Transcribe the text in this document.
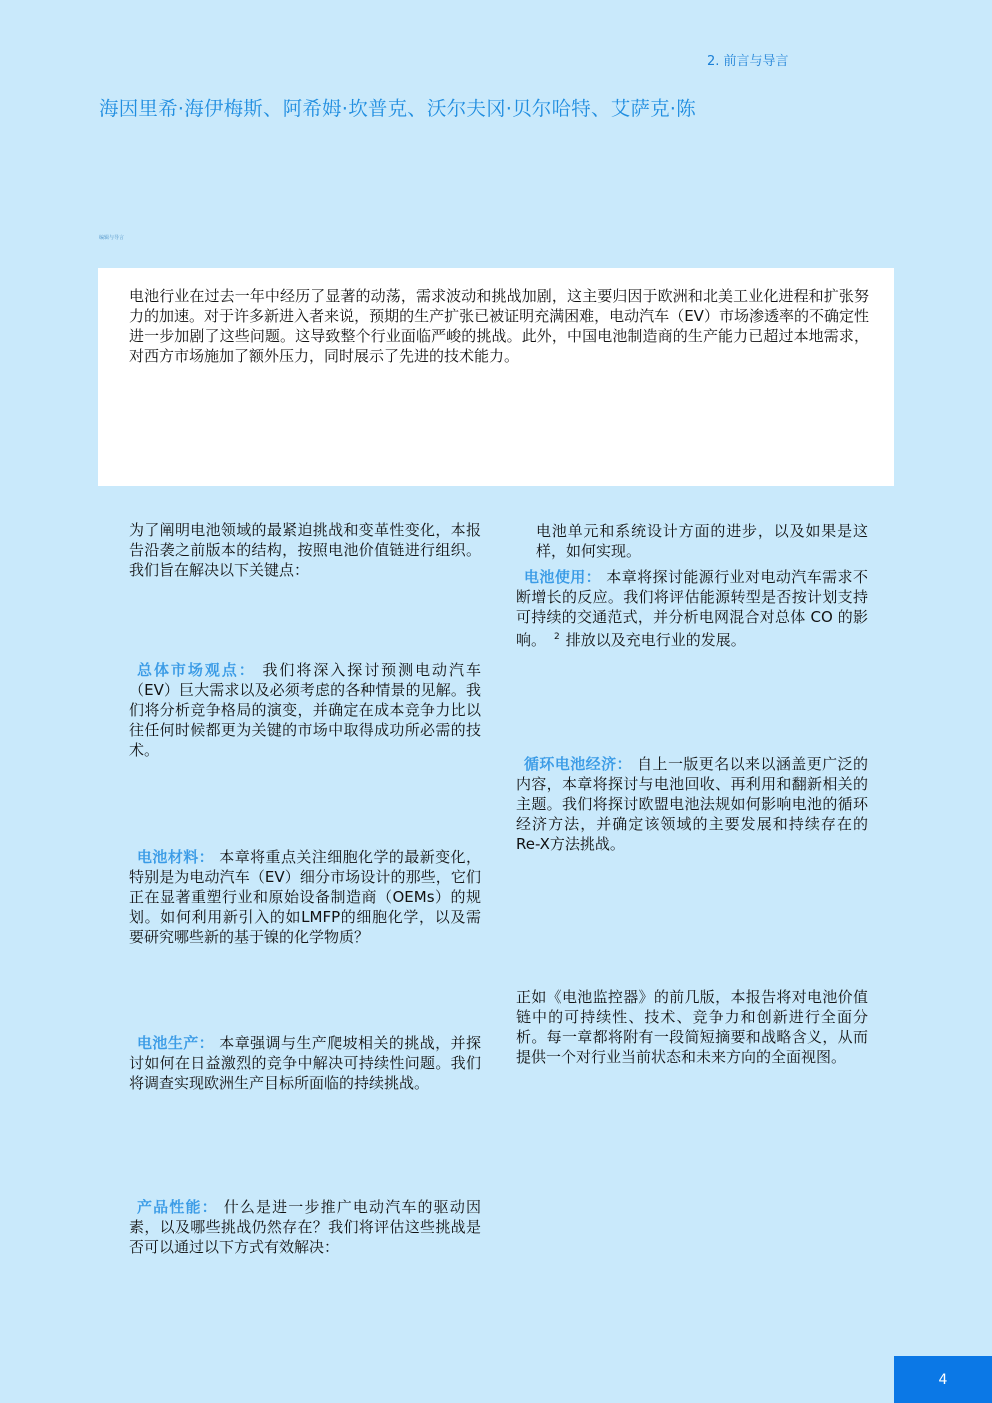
2. 前言与导言
海因里希·海伊梅斯、阿希姆·坎普克、沃尔夫冈·贝尔哈特、艾萨克·陈
编辑与导言
电池行业在过去一年中经历了显著的动荡，需求波动和挑战加剧，这主要归因于欧洲和北美工业化进程和扩张努力的加速。对于许多新进入者来说，预期的生产扩张已被证明充满困难，电动汽车（EV）市场渗透率的不确定性进一步加剧了这些问题。这导致整个行业面临严峻的挑战。此外，中国电池制造商的生产能力已超过本地需求，对西方市场施加了额外压力，同时展示了先进的技术能力。

为了阐明电池领域的最紧迫挑战和变革性变化，本报告沿袭之前版本的结构，按照电池价值链进行组织。我们旨在解决以下关键点：

总体市场观点： 我们将深入探讨预测电动汽车（EV）巨大需求以及必须考虑的各种情景的见解。我们将分析竞争格局的演变，并确定在成本竞争力比以往任何时候都更为关键的市场中取得成功所必需的技术。

电池材料： 本章将重点关注细胞化学的最新变化，特别是为电动汽车（EV）细分市场设计的那些，它们正在显著重塑行业和原始设备制造商（OEMs）的规划。如何利用新引入的如LMFP的细胞化学，以及需要研究哪些新的基于镍的化学物质？

电池生产： 本章强调与生产爬坡相关的挑战，并探讨如何在日益激烈的竞争中解决可持续性问题。我们将调查实现欧洲生产目标所面临的持续挑战。

产品性能： 什么是进一步推广电动汽车的驱动因素，以及哪些挑战仍然存在？我们将评估这些挑战是否可以通过以下方式有效解决：

电池单元和系统设计方面的进步，以及如果是这样，如何实现。

电池使用： 本章将探讨能源行业对电动汽车需求不断增长的反应。我们将评估能源转型是否按计划支持可持续的交通范式，并分析电网混合对总体 CO 的影响。 $^2$ 排放以及充电行业的发展。

循环电池经济： 自上一版更名以来以涵盖更广泛的内容，本章将探讨与电池回收、再利用和翻新相关的主题。我们将探讨欧盟电池法规如何影响电池的循环经济方法，并确定该领域的主要发展和持续存在的Re-X方法挑战。

正如《电池监控器》的前几版，本报告将对电池价值链中的可持续性、技术、竞争力和创新进行全面分析。每一章都将附有一段简短摘要和战略含义，从而提供一个对行业当前状态和未来方向的全面视图。

4
